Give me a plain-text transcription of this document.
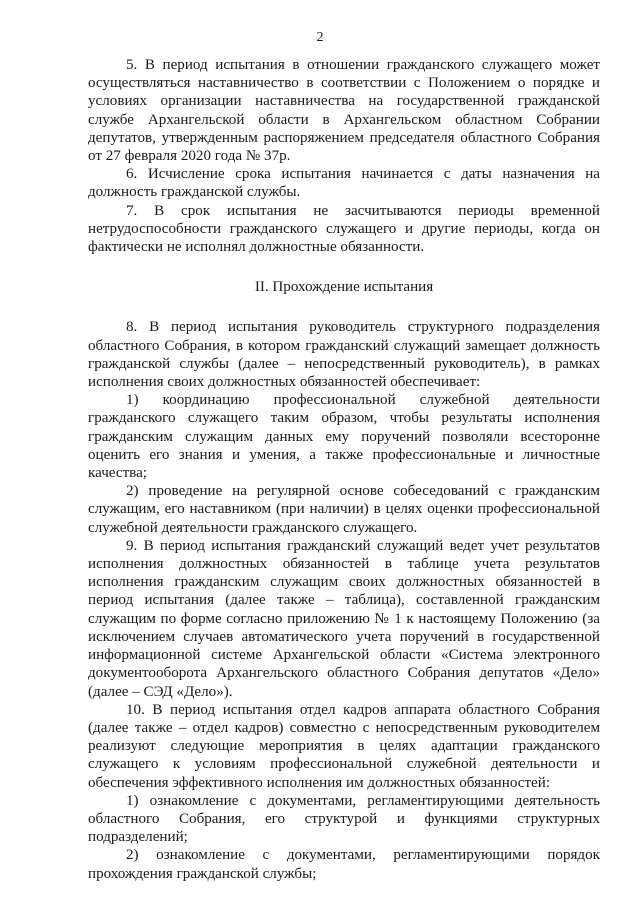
2

5. В период испытания в отношении гражданского служащего может осуществляться наставничество в соответствии с Положением о порядке и условиях организации наставничества на государственной гражданской службе Архангельской области в Архангельском областном Собрании депутатов, утвержденным распоряжением председателя областного Собрания от 27 февраля 2020 года № 37р.

6. Исчисление срока испытания начинается с даты назначения на должность гражданской службы.

7. В срок испытания не засчитываются периоды временной нетрудоспособности гражданского служащего и другие периоды, когда он фактически не исполнял должностные обязанности.

II. Прохождение испытания

8. В период испытания руководитель структурного подразделения областного Собрания, в котором гражданский служащий замещает должность гражданской службы (далее – непосредственный руководитель), в рамках исполнения своих должностных обязанностей обеспечивает:

1) координацию профессиональной служебной деятельности гражданского служащего таким образом, чтобы результаты исполнения гражданским служащим данных ему поручений позволяли всесторонне оценить его знания и умения, а также профессиональные и личностные качества;

2) проведение на регулярной основе собеседований с гражданским служащим, его наставником (при наличии) в целях оценки профессиональной служебной деятельности гражданского служащего.

9. В период испытания гражданский служащий ведет учет результатов исполнения должностных обязанностей в таблице учета результатов исполнения гражданским служащим своих должностных обязанностей в период испытания (далее также – таблица), составленной гражданским служащим по форме согласно приложению № 1 к настоящему Положению (за исключением случаев автоматического учета поручений в государственной информационной системе Архангельской области «Система электронного документооборота Архангельского областного Собрания депутатов «Дело» (далее – СЭД «Дело»).

10. В период испытания отдел кадров аппарата областного Собрания (далее также – отдел кадров) совместно с непосредственным руководителем реализуют следующие мероприятия в целях адаптации гражданского служащего к условиям профессиональной служебной деятельности и обеспечения эффективного исполнения им должностных обязанностей:

1) ознакомление с документами, регламентирующими деятельность областного Собрания, его структурой и функциями структурных подразделений;

2) ознакомление с документами, регламентирующими порядок прохождения гражданской службы;
